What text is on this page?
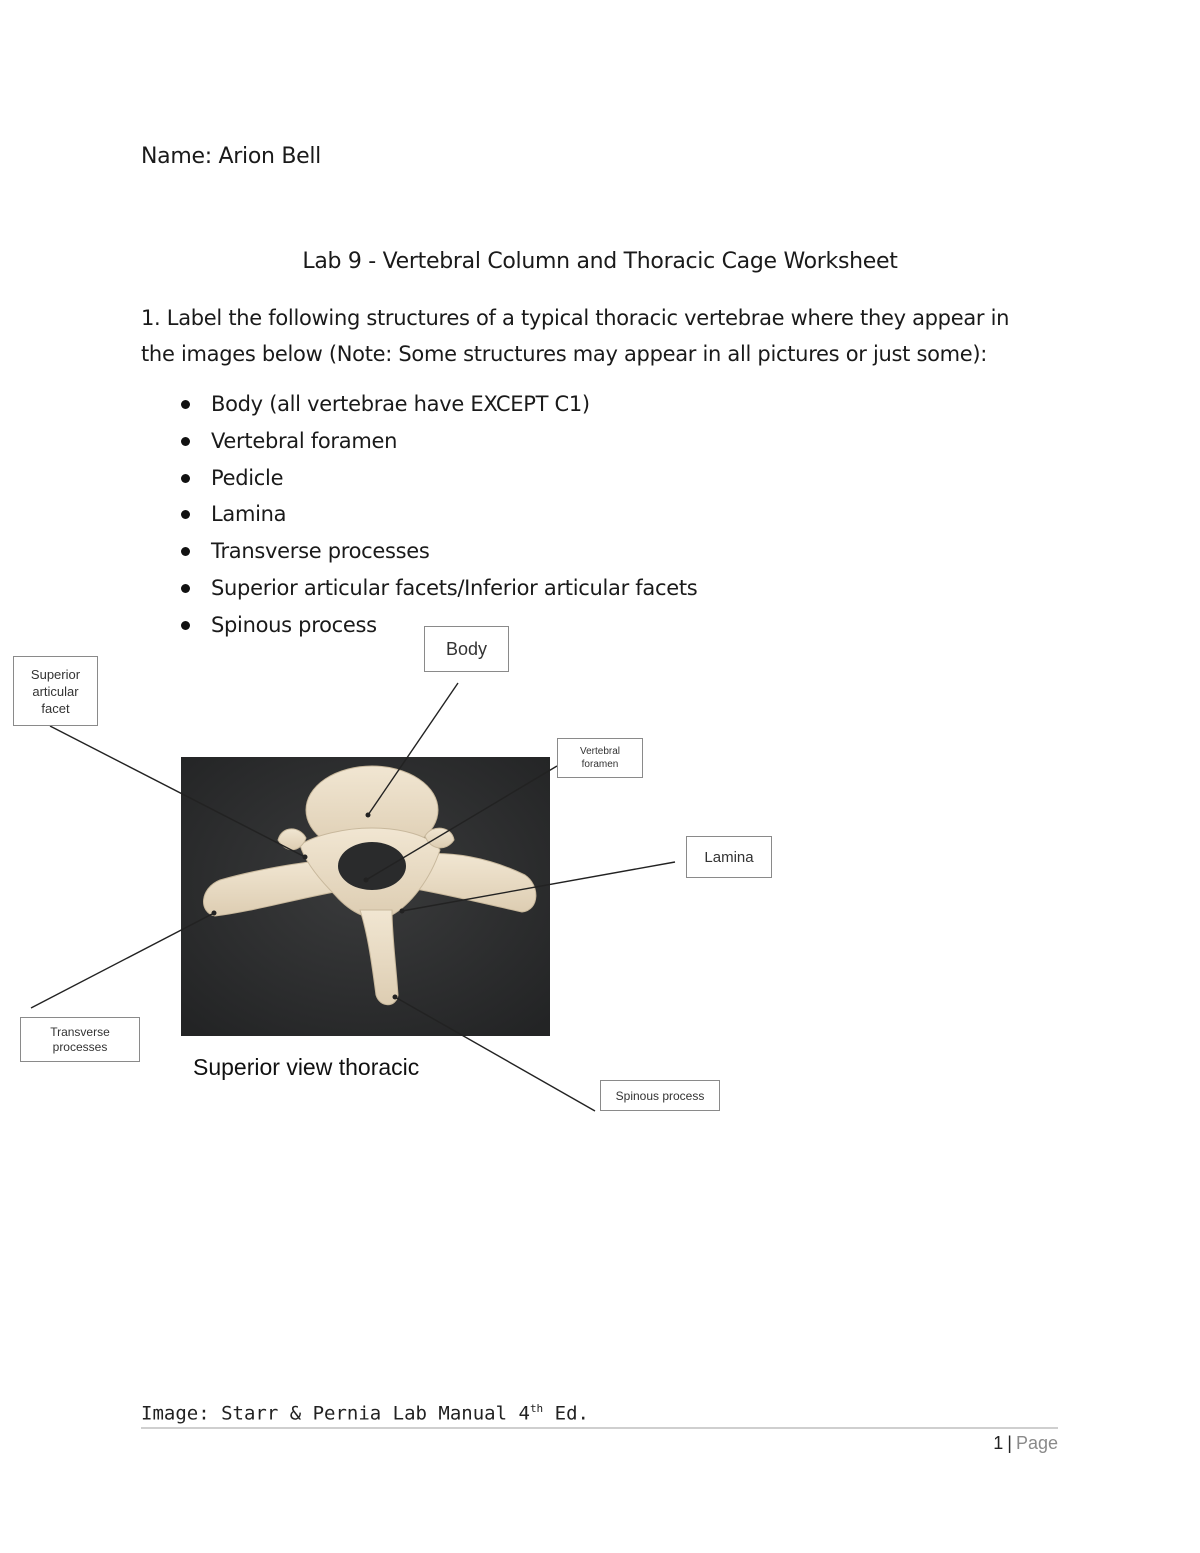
Name: Arion Bell
Lab 9 - Vertebral Column and Thoracic Cage Worksheet
1. Label the following structures of a typical thoracic vertebrae where they appear in the images below (Note: Some structures may appear in all pictures or just some):
Body (all vertebrae have EXCEPT C1)
Vertebral foramen
Pedicle
Lamina
Transverse processes
Superior articular facets/Inferior articular facets
Spinous process
Body
Superior articular facet
Vertebral foramen
Lamina
Transverse processes
Spinous process
Superior view thoracic
Image: Starr & Pernia Lab Manual 4th Ed.
1 | Page
